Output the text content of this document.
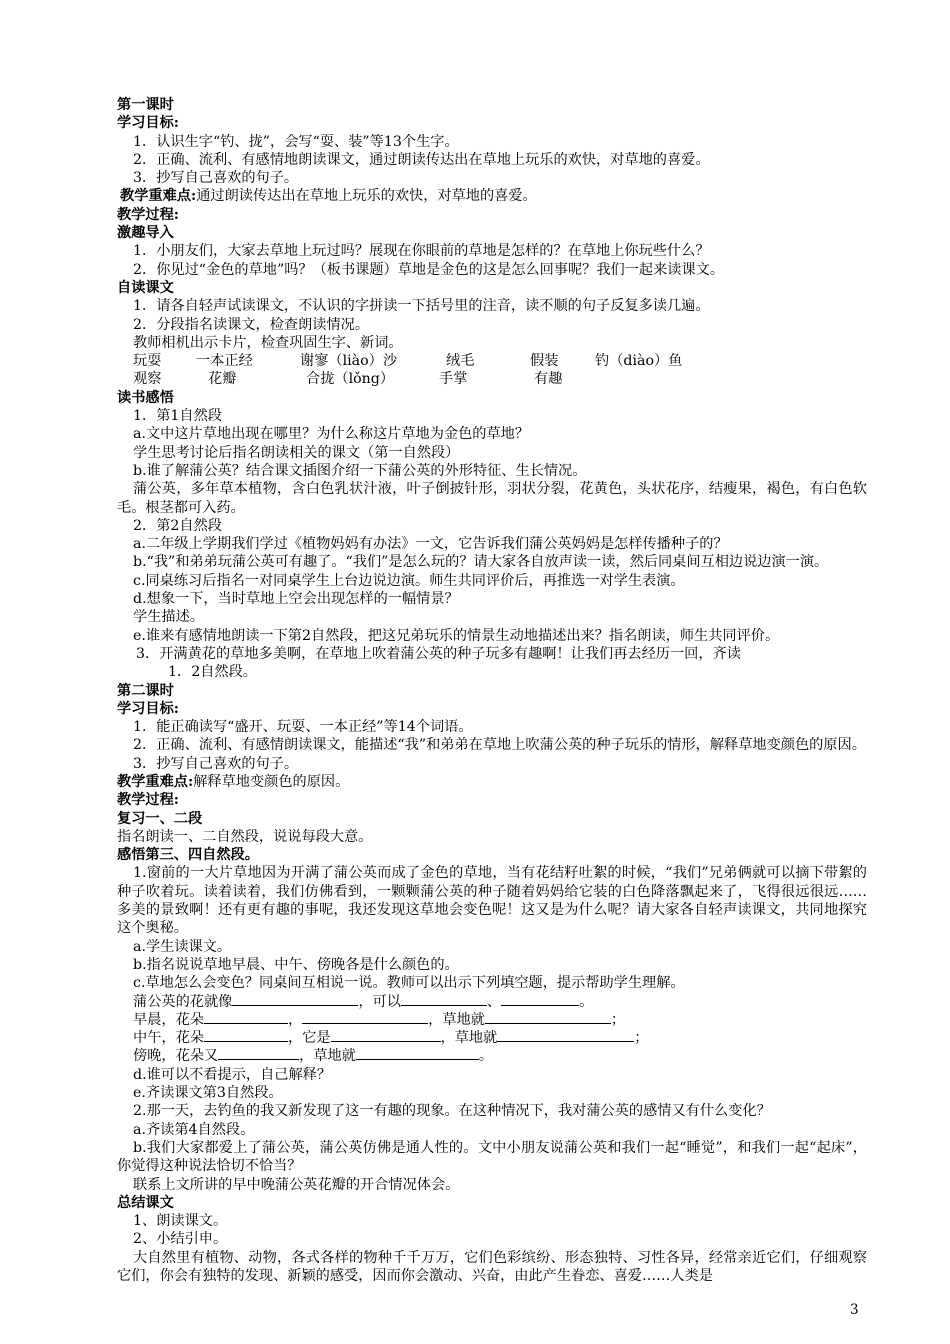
第一课时

学习目标:

1．认识生字“钓、拢”，会写“耍、装”等13个生字。

2．正确、流利、有感情地朗读课文，通过朗读传达出在草地上玩乐的欢快，对草地的喜爱。

3．抄写自己喜欢的句子。

教学重难点:通过朗读传达出在草地上玩乐的欢快，对草地的喜爱。

教学过程:

激趣导入

1．小朋友们，大家去草地上玩过吗？展现在你眼前的草地是怎样的？在草地上你玩些什么？

2．你见过“金色的草地”吗？（板书课题）草地是金色的这是怎么回事呢？我们一起来读课文。

自读课文

1．请各自轻声试读课文，不认识的字拼读一下括号里的注音，读不顺的句子反复多读几遍。

2．分段指名读课文，检查朗读情况。

教师相机出示卡片，检查巩固生字、新词。

玩耍 一本正经	谢寥（liào）沙	绒毛	假装	钓（diào）鱼

观察	花瓣	合拢（lǒng）	手掌	有趣

读书感悟

1．第1自然段

a.文中这片草地出现在哪里？为什么称这片草地为金色的草地？

学生思考讨论后指名朗读相关的课文（第一自然段）

b.谁了解蒲公英？结合课文插图介绍一下蒲公英的外形特征、生长情况。

蒲公英，多年草本植物，含白色乳状汁液，叶子倒披针形，羽状分裂，花黄色，头状花序，结瘦果，褐色，有白色软毛。根茎都可入药。

2．第2自然段

a.二年级上学期我们学过《植物妈妈有办法》一文，它告诉我们蒲公英妈妈是怎样传播种子的？

b.“我”和弟弟玩蒲公英可有趣了。“我们”是怎么玩的？请大家各自放声读一读，然后同桌间互相边说边演一演。

c.同桌练习后指名一对同桌学生上台边说边演。师生共同评价后，再推选一对学生表演。

d.想象一下，当时草地上空会出现怎样的一幅情景？

学生描述。

e.谁来有感情地朗读一下第2自然段，把这兄弟玩乐的情景生动地描述出来？指名朗读，师生共同评价。

3．开满黄花的草地多美啊，在草地上吹着蒲公英的种子玩多有趣啊！让我们再去经历一回，齐读

1．2自然段。

第二课时

学习目标:

1．能正确读写“盛开、玩耍、一本正经”等14个词语。

2．正确、流利、有感情朗读课文，能描述“我”和弟弟在草地上吹蒲公英的种子玩乐的情形，解释草地变颜色的原因。

3．抄写自己喜欢的句子。

教学重难点:解释草地变颜色的原因。

教学过程:

复习一、二段

指名朗读一、二自然段，说说每段大意。

感悟第三、四自然段。

1.窗前的一大片草地因为开满了蒲公英而成了金色的草地，当有花结籽吐絮的时候，“我们”兄弟俩就可以摘下带絮的种子吹着玩。读着读着，我们仿佛看到，一颗颗蒲公英的种子随着妈妈给它装的白色降落飘起来了，飞得很远很远……多美的景致啊！还有更有趣的事呢，我还发现这草地会变色呢！这又是为什么呢？请大家各自轻声读课文，共同地探究这个奥秘。

a.学生读课文。

b.指名说说草地早晨、中午、傍晚各是什么颜色的。

c.草地怎么会变色？同桌间互相说一说。教师可以出示下列填空题，提示帮助学生理解。

蒲公英的花就像	，可以	、	。

早晨，花朵	，	，草地就	；

中午，花朵	，它是	，草地就	；

傍晚，花朵又	，草地就	。

d.谁可以不看提示，自己解释？

e.齐读课文第3自然段。

2.那一天，去钓鱼的我又新发现了这一有趣的现象。在这种情况下，我对蒲公英的感情又有什么变化？

a.齐读第4自然段。

b.我们大家都爱上了蒲公英，蒲公英仿佛是通人性的。文中小朋友说蒲公英和我们一起“睡觉”，和我们一起“起床”，你觉得这种说法恰切不恰当？

联系上文所讲的早中晚蒲公英花瓣的开合情况体会。

总结课文

1、朗读课文。

2、小结引申。

大自然里有植物、动物，各式各样的物种千千万万，它们色彩缤纷、形态独特、习性各异，经常亲近它们，仔细观察它们，你会有独特的发现、新颖的感受，因而你会激动、兴奋，由此产生眷恋、喜爱……人类是

3
